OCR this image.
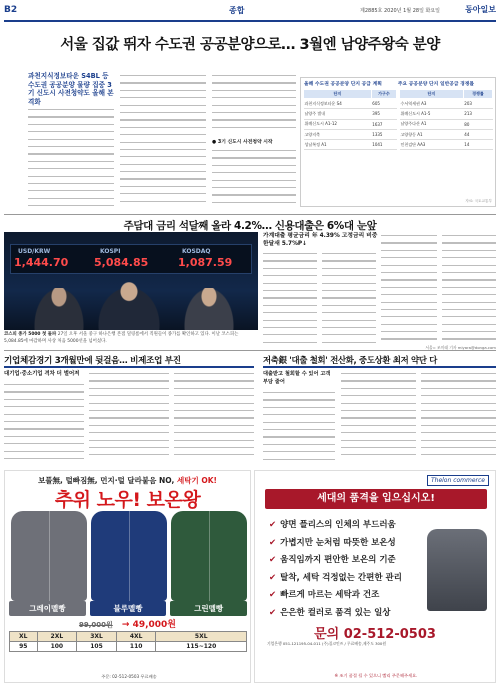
B2	종합	제2885호 2020년 1월 28일 화요일	동아일보
서울 집값 뛰자 수도권 공공분양으로… 3월엔 남양주왕숙 분양
과천지식정보타운 S4BL 등 수도권 공공분양 물량 집중 3기 신도시 사전청약도 올해 본격화
● 3기 신도시 사전청약 시작
올해 수도권 공공분양 단지 공급 계획	주요 공공분양 단지 일반공급 경쟁률
단지	가구수
과천지식정보타운 S4	605
남양주 별내	395
위례신도시 A1-12	1637
고양지축	1335
성남복정 A1	1041
단지	경쟁률
수서역세권 A3	203
위례신도시 A1-5	213
남양주다산 A1	80
고양향동 A1	44
인천검단 AA3	14
자료: 국토교통부
주담대 금리 석달째 올라 4.2%… 신용대출은 6%대 눈앞
USD/KRW
1,444.70
KOSPI
5,084.85
KOSDAQ
1,087.59
코스피 종가 5000 첫 돌파 27일 오후 서울 중구 하나은행 본점 딜링룸에서 직원들이 종가를 확인하고 있다. 이날 코스피는 5,084.85에 마감하며 사상 처음 5000선을 넘어섰다.
가계대출 평균금리 年 4.39% 고정금리 비중 한달새 5.7%P↓
서울= 조미래 기자 miyara@donga.com
기업체감경기 3개월만에 뒷걸음… 비제조업 부진
대기업·중소기업 격차 더 벌어져
저축銀 '대출 철회' 전산화, 중도상환 최저 약단 다
대출받고 철회할 수 있어 고객 부담 줄어
보풀無, 털빠짐無, 먼지·털 달라붙음 NO, 세탁기 OK!
추위 노우! 보온왕
그레이멜빵	블루멜빵	그린멜빵
99,000원 → 49,000원
XL	2XL	3XL	4XL	5XL
95	100	105	110	115~120
주문: 02-512-0503 무료배송
Thelon commerce
세대의 품격을 입으십시오!
✔ 양면 플리스의 인체의 부드러움
✔ 가볍지만 눈처럼 따뜻한 보온성
✔ 움직임까지 편안한 보온의 기준
✔ 탈착, 세탁 걱정없는 간편한 관리
✔ 빠르게 마르는 세탁과 건조
✔ 은은한 컬러로 품격 있는 일상
문의 02-512-0503
기업은행 051-121195-04-011 (주)집코인즈 / 무료배송,제주도 300원
※ 조기 품절 될 수 있으니 빨리 주문해주세요.
